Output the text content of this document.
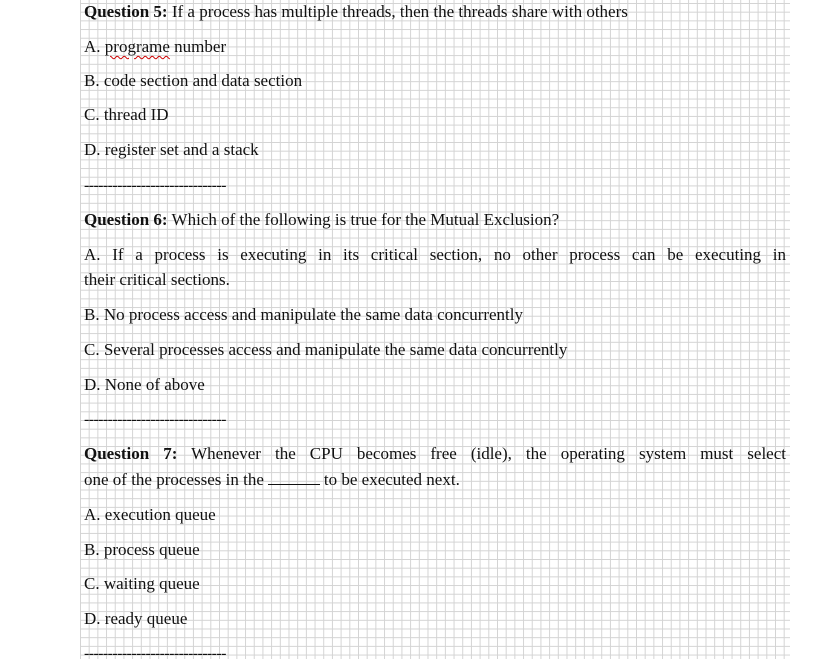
Question 5: If a process has multiple threads, then the threads share with others
A. programe number
B. code section and data section
C. thread ID
D. register set and a stack
------------------------------
Question 6: Which of the following is true for the Mutual Exclusion?
A. If a process is executing in its critical section, no other process can be executing in
their critical sections.
B. No process access and manipulate the same data concurrently
C. Several processes access and manipulate the same data concurrently
D. None of above
------------------------------
Question 7: Whenever the CPU becomes free (idle), the operating system must select
one of the processes in the	to be executed next.
A. execution queue
B. process queue
C. waiting queue
D. ready queue
------------------------------
